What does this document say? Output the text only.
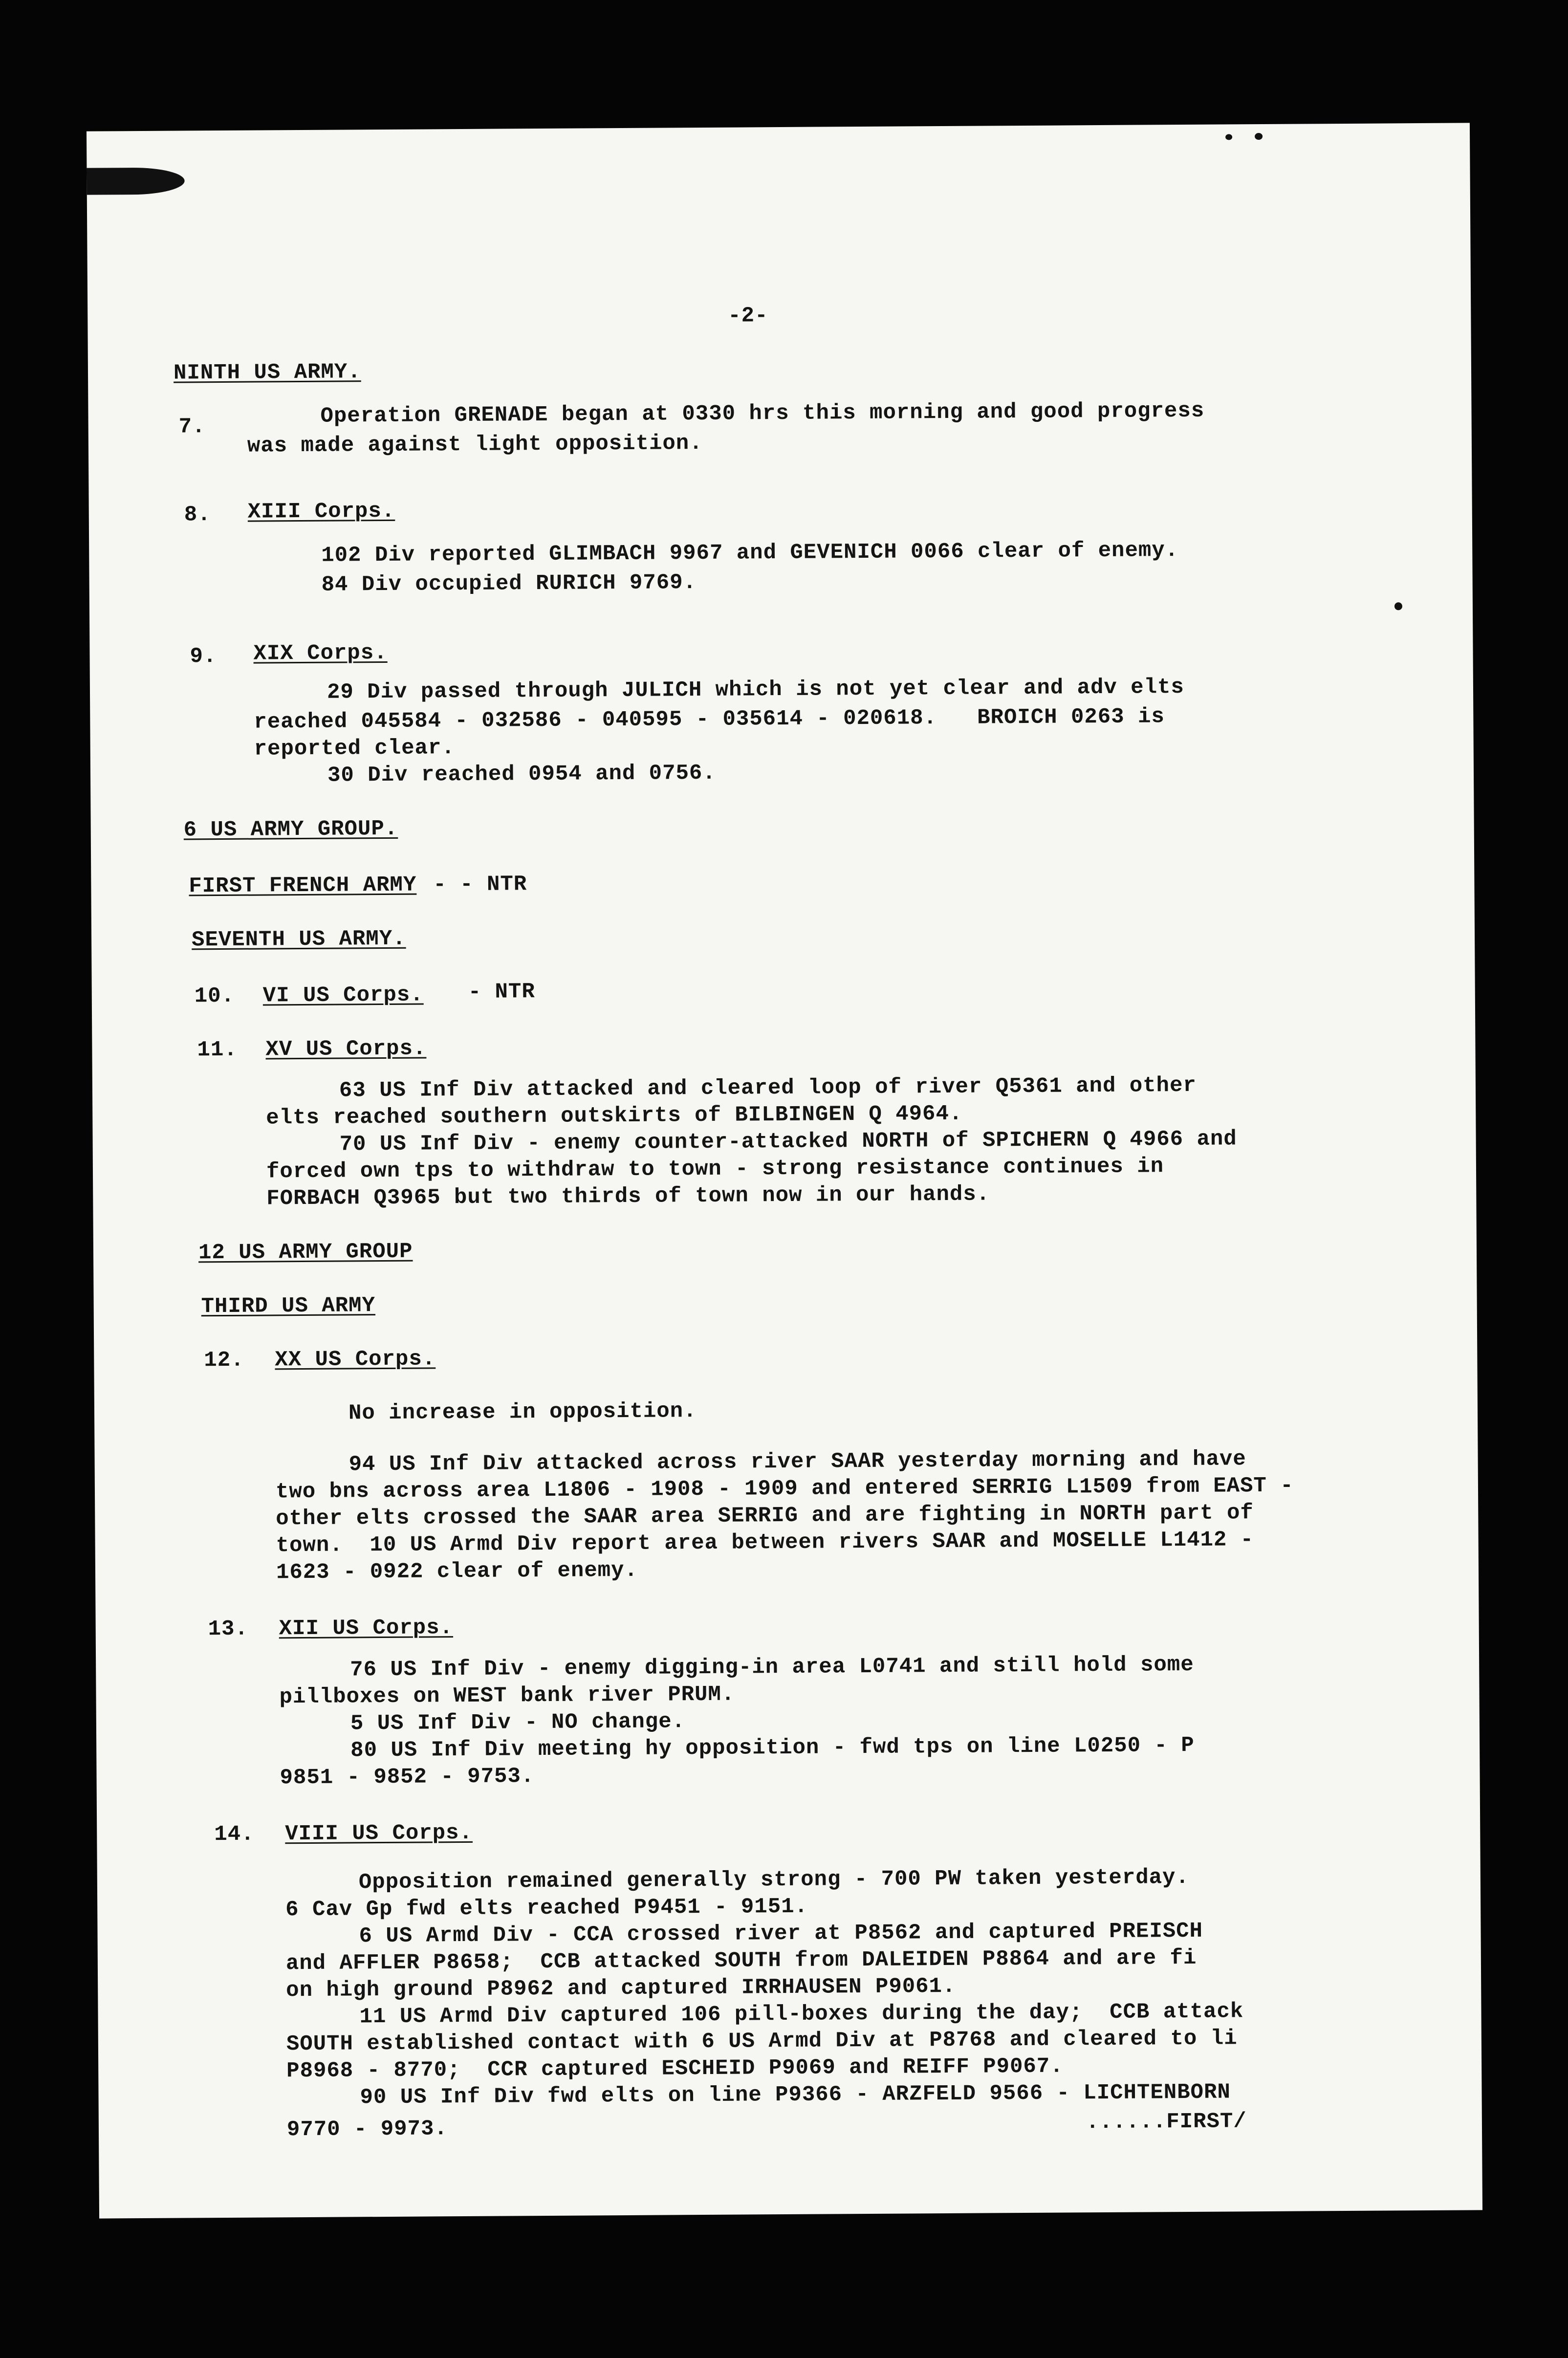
-2-
NINTH US ARMY.
7.	Operation GRENADE began at 0330 hrs this morning and good progress
was made against light opposition.
8. XIII Corps.
102 Div reported GLIMBACH 9967 and GEVENICH 0066 clear of enemy.
84 Div occupied RURICH 9769.
9. XIX Corps.
29 Div passed through JULICH which is not yet clear and adv elts
reached 045584 - 032586 - 040595 - 035614 - 020618.   BROICH 0263 is
reported clear.
30 Div reached 0954 and 0756.
6 US ARMY GROUP.
FIRST FRENCH ARMY - - NTR
SEVENTH US ARMY.
10. VI US Corps. - NTR
11. XV US Corps.
63 US Inf Div attacked and cleared loop of river Q5361 and other
elts reached southern outskirts of BILBINGEN Q 4964.
70 US Inf Div - enemy counter-attacked NORTH of SPICHERN Q 4966 and
forced own tps to withdraw to town - strong resistance continues in
FORBACH Q3965 but two thirds of town now in our hands.
12 US ARMY GROUP
THIRD US ARMY
12. XX US Corps.
No increase in opposition.
94 US Inf Div attacked across river SAAR yesterday morning and have
two bns across area L1806 - 1908 - 1909 and entered SERRIG L1509 from EAST -
other elts crossed the SAAR area SERRIG and are fighting in NORTH part of
town.  10 US Armd Div report area between rivers SAAR and MOSELLE L1412 -
1623 - 0922 clear of enemy.
13. XII US Corps.
76 US Inf Div - enemy digging-in area L0741 and still hold some
pillboxes on WEST bank river PRUM.
5 US Inf Div - NO change.
80 US Inf Div meeting hy opposition - fwd tps on line L0250 - P
9851 - 9852 - 9753.
14. VIII US Corps.
Opposition remained generally strong - 700 PW taken yesterday.
6 Cav Gp fwd elts reached P9451 - 9151.
6 US Armd Div - CCA crossed river at P8562 and captured PREISCH
and AFFLER P8658;  CCB attacked SOUTH from DALEIDEN P8864 and are fi
on high ground P8962 and captured IRRHAUSEN P9061.
11 US Armd Div captured 106 pill-boxes during the day;  CCB attack
SOUTH established contact with 6 US Armd Div at P8768 and cleared to li
P8968 - 8770;  CCR captured ESCHEID P9069 and REIFF P9067.
90 US Inf Div fwd elts on line P9366 - ARZFELD 9566 - LICHTENBORN
9770 - 9973.	......FIRST/
